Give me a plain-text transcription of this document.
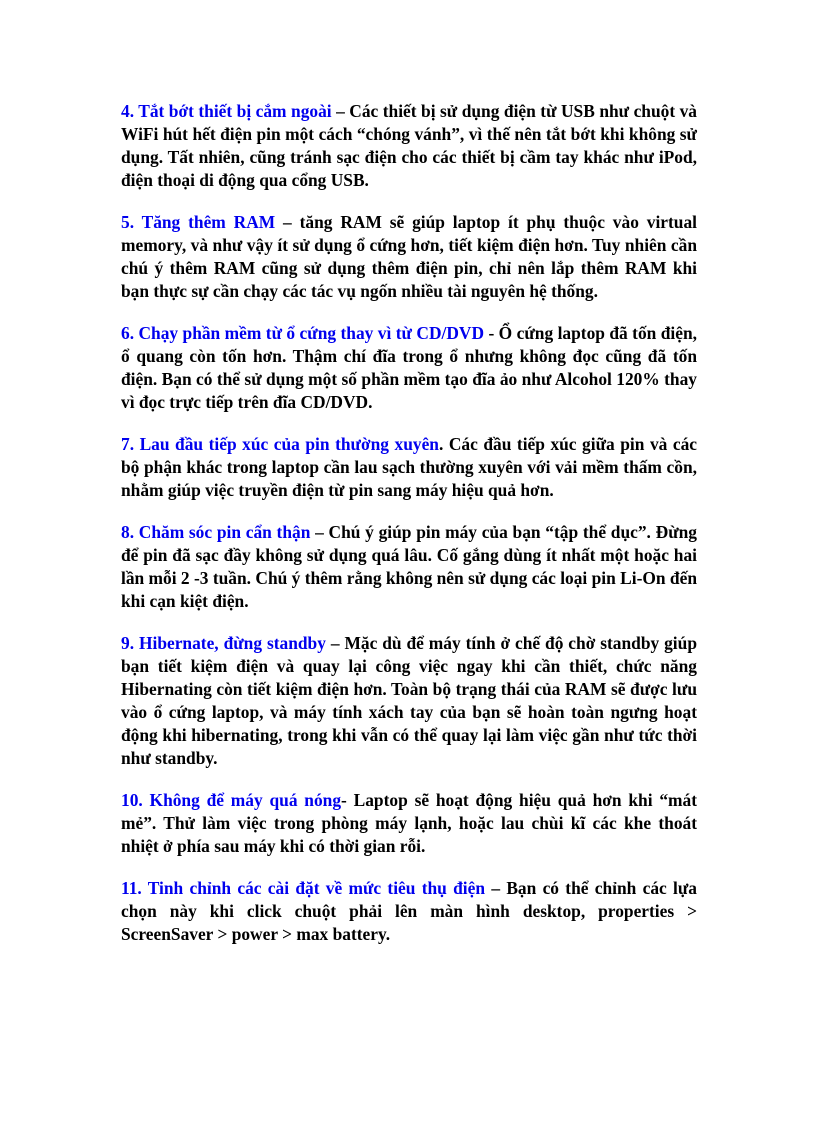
4. Tắt bớt thiết bị cắm ngoài – Các thiết bị sử dụng điện từ USB như chuột và WiFi hút hết điện pin một cách “chóng vánh”, vì thế nên tắt bớt khi không sử dụng. Tất nhiên, cũng tránh sạc điện cho các thiết bị cầm tay khác như iPod, điện thoại di động qua cổng USB.

5. Tăng thêm RAM – tăng RAM sẽ giúp laptop ít phụ thuộc vào virtual memory, và như vậy ít sử dụng ổ cứng hơn, tiết kiệm điện hơn. Tuy nhiên cần chú ý thêm RAM cũng sử dụng thêm điện pin, chỉ nên lắp thêm RAM khi bạn thực sự cần chạy các tác vụ ngốn nhiều tài nguyên hệ thống.

6. Chạy phần mềm từ ổ cứng thay vì từ CD/DVD - Ổ cứng laptop đã tốn điện, ổ quang còn tốn hơn. Thậm chí đĩa trong ổ nhưng không đọc cũng đã tốn điện. Bạn có thể sử dụng một số phần mềm tạo đĩa ảo như Alcohol 120% thay vì đọc trực tiếp trên đĩa CD/DVD.

7. Lau đầu tiếp xúc của pin thường xuyên. Các đầu tiếp xúc giữa pin và các bộ phận khác trong laptop cần lau sạch thường xuyên với vải mềm thấm cồn, nhằm giúp việc truyền điện từ pin sang máy hiệu quả hơn.

8. Chăm sóc pin cẩn thận – Chú ý giúp pin máy của bạn “tập thể dục”. Đừng để pin đã sạc đầy không sử dụng quá lâu. Cố gắng dùng ít nhất một hoặc hai lần mỗi 2 -3 tuần. Chú ý thêm rằng không nên sử dụng các loại pin Li-On đến khi cạn kiệt điện.

9. Hibernate, đừng standby – Mặc dù để máy tính ở chế độ chờ standby giúp bạn tiết kiệm điện và quay lại công việc ngay khi cần thiết, chức năng Hibernating còn tiết kiệm điện hơn. Toàn bộ trạng thái của RAM sẽ được lưu vào ổ cứng laptop, và máy tính xách tay của bạn sẽ hoàn toàn ngưng hoạt động khi hibernating, trong khi vẫn có thể quay lại làm việc gần như tức thời như standby.

10. Không để máy quá nóng- Laptop sẽ hoạt động hiệu quả hơn khi “mát mẻ”. Thử làm việc trong phòng máy lạnh, hoặc lau chùi kĩ các khe thoát nhiệt ở phía sau máy khi có thời gian rỗi.

11. Tinh chỉnh các cài đặt về mức tiêu thụ điện – Bạn có thể chỉnh các lựa chọn này khi click chuột phải lên màn hình desktop, properties > ScreenSaver > power > max battery.
